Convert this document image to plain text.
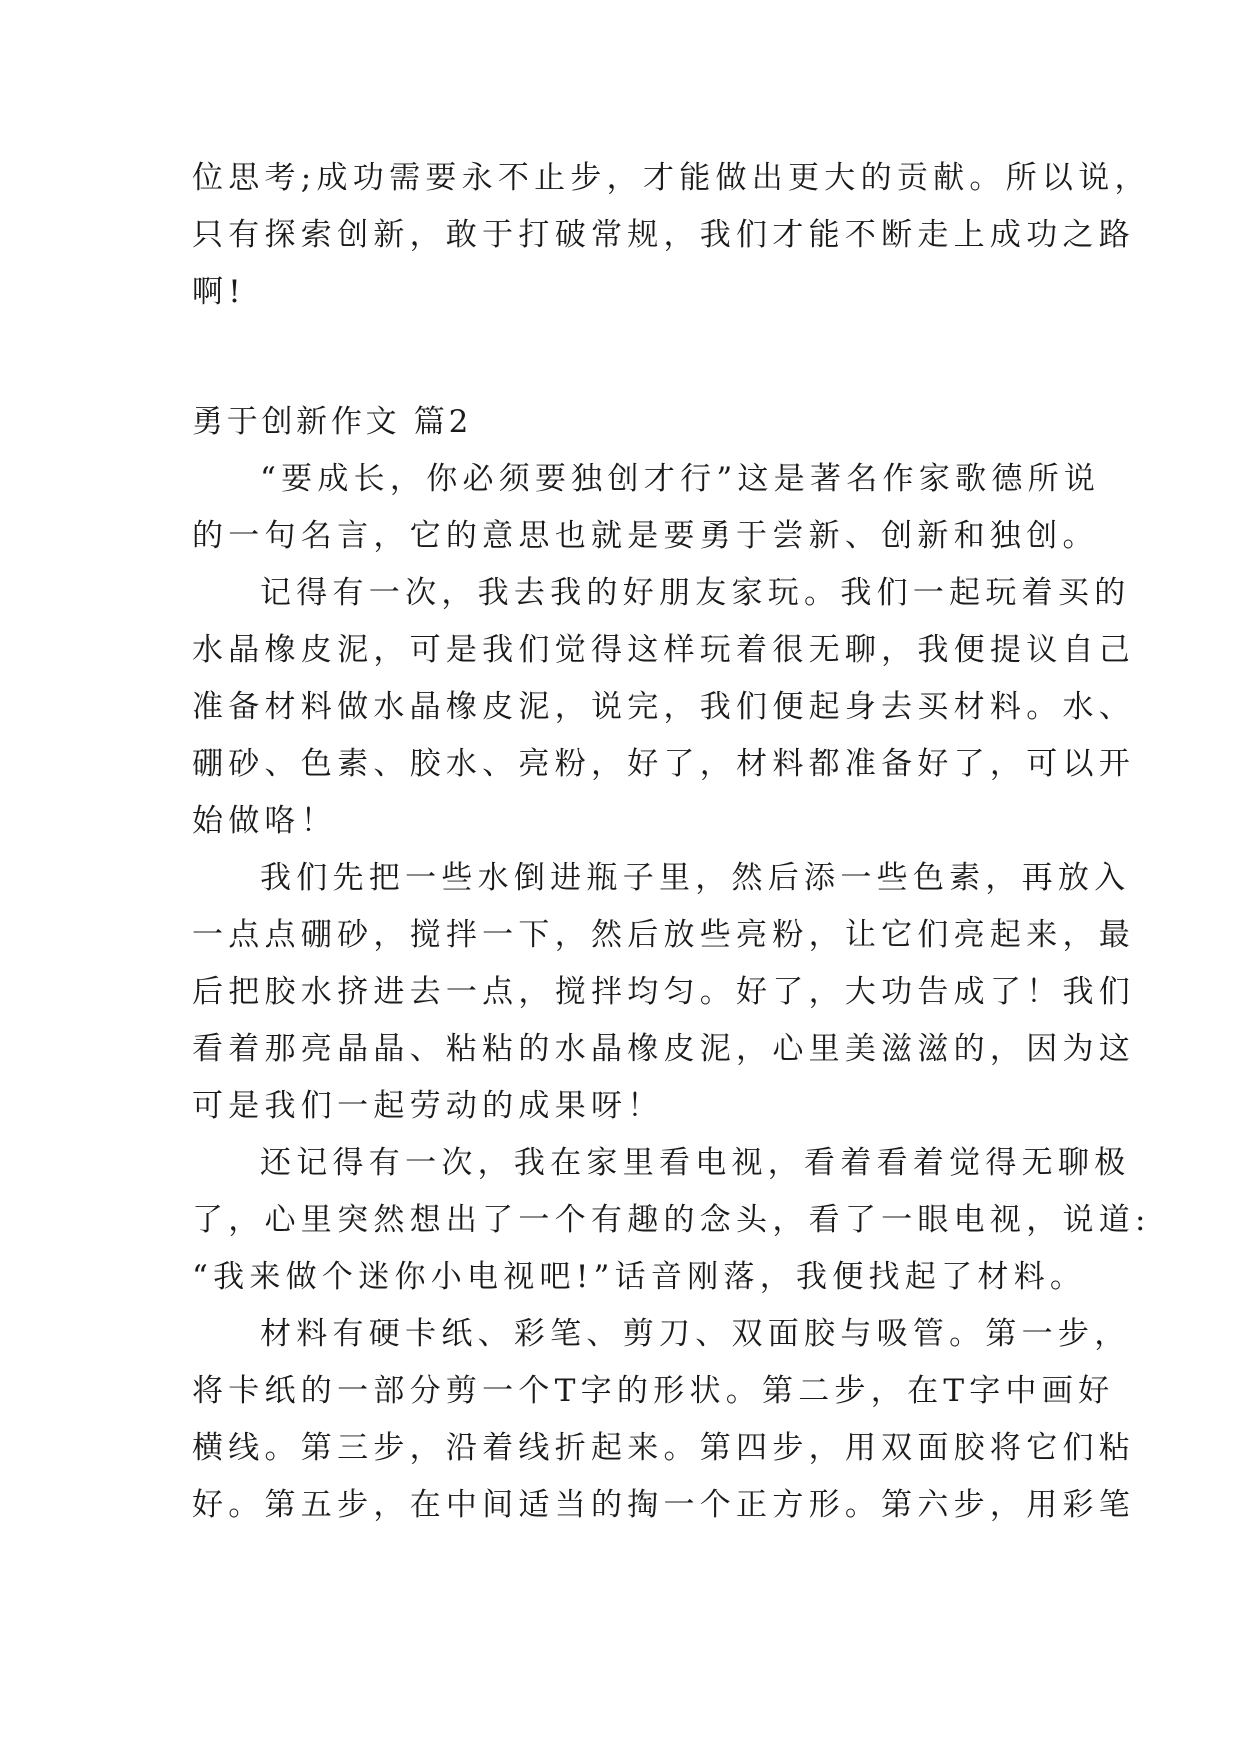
位思考;成功需要永不止步，才能做出更大的贡献。所以说，
只有探索创新，敢于打破常规，我们才能不断走上成功之路
啊!
勇于创新作文 篇2
“要成长，你必须要独创才行”这是著名作家歌德所说
的一句名言，它的意思也就是要勇于尝新、创新和独创。
记得有一次，我去我的好朋友家玩。我们一起玩着买的
水晶橡皮泥，可是我们觉得这样玩着很无聊，我便提议自己
准备材料做水晶橡皮泥，说完，我们便起身去买材料。水、
硼砂、色素、胶水、亮粉，好了，材料都准备好了，可以开
始做咯！
我们先把一些水倒进瓶子里，然后添一些色素，再放入
一点点硼砂，搅拌一下，然后放些亮粉，让它们亮起来，最
后把胶水挤进去一点，搅拌均匀。好了，大功告成了！我们
看着那亮晶晶、粘粘的水晶橡皮泥，心里美滋滋的，因为这
可是我们一起劳动的成果呀！
还记得有一次，我在家里看电视，看着看着觉得无聊极
了，心里突然想出了一个有趣的念头，看了一眼电视，说道:
“我来做个迷你小电视吧!”话音刚落，我便找起了材料。
材料有硬卡纸、彩笔、剪刀、双面胶与吸管。第一步，
将卡纸的一部分剪一个T字的形状。第二步，在T字中画好
横线。第三步，沿着线折起来。第四步，用双面胶将它们粘
好。第五步，在中间适当的掏一个正方形。第六步，用彩笔
